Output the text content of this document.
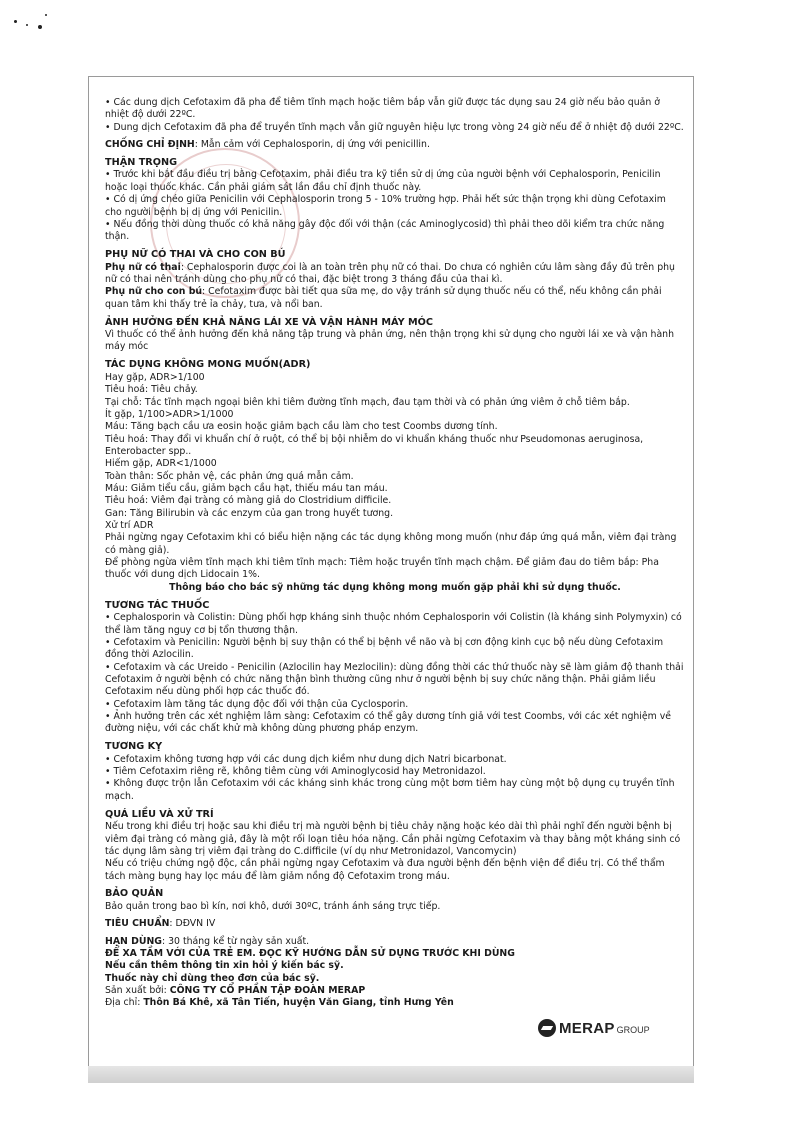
• Các dung dịch Cefotaxim đã pha để tiêm tĩnh mạch hoặc tiêm bắp vẫn giữ được tác dụng sau 24 giờ nếu bảo quản ở nhiệt độ dưới 22ºC.

• Dung dịch Cefotaxim đã pha để truyền tĩnh mạch vẫn giữ nguyên hiệu lực trong vòng 24 giờ nếu để ở nhiệt độ dưới 22ºC.

CHỐNG CHỈ ĐỊNH: Mẫn cảm với Cephalosporin, dị ứng với penicillin.

THẬN TRỌNG

• Trước khi bắt đầu điều trị bằng Cefotaxim, phải điều tra kỹ tiền sử dị ứng của người bệnh với Cephalosporin, Penicilin hoặc loại thuốc khác. Cần phải giám sát lần đầu chỉ định thuốc này.

• Có dị ứng chéo giữa Penicilin với Cephalosporin trong 5 - 10% trường hợp. Phải hết sức thận trọng khi dùng Cefotaxim cho người bệnh bị dị ứng với Penicilin.

• Nếu đồng thời dùng thuốc có khả năng gây độc đối với thận (các Aminoglycosid) thì phải theo dõi kiểm tra chức năng thận.

PHỤ NỮ CÓ THAI VÀ CHO CON BÚ

Phụ nữ có thai: Cephalosporin được coi là an toàn trên phụ nữ có thai. Do chưa có nghiên cứu lâm sàng đầy đủ trên phụ nữ có thai nên tránh dùng cho phụ nữ có thai, đặc biệt trong 3 tháng đầu của thai kì.

Phụ nữ cho con bú: Cefotaxim được bài tiết qua sữa mẹ, do vậy tránh sử dụng thuốc nếu có thể, nếu không cần phải quan tâm khi thấy trẻ ỉa chảy, tưa, và nổi ban.

ẢNH HƯỞNG ĐẾN KHẢ NĂNG LÁI XE VÀ VẬN HÀNH MÁY MÓC

Vì thuốc có thể ảnh hưởng đến khả năng tập trung và phản ứng, nên thận trọng khi sử dụng cho người lái xe và vận hành máy móc

TÁC DỤNG KHÔNG MONG MUỐN(ADR)

Hay gặp, ADR>1/100

Tiêu hoá: Tiêu chảy.

Tại chỗ: Tắc tĩnh mạch ngoại biên khi tiêm đường tĩnh mạch, đau tạm thời và có phản ứng viêm ở chỗ tiêm bắp.

Ít gặp, 1/100>ADR>1/1000

Máu: Tăng bạch cầu ưa eosin hoặc giảm bạch cầu làm cho test Coombs dương tính.

Tiêu hoá: Thay đổi vi khuẩn chí ở ruột, có thể bị bội nhiễm do vi khuẩn kháng thuốc như Pseudomonas aeruginosa, Enterobacter spp..

Hiếm gặp, ADR<1/1000

Toàn thân: Sốc phản vệ, các phản ứng quá mẫn cảm.

Máu: Giảm tiểu cầu, giảm bạch cầu hạt, thiếu máu tan máu.

Tiêu hoá: Viêm đại tràng có màng giả do Clostridium difficile.

Gan: Tăng Bilirubin và các enzym của gan trong huyết tương.

Xử trí ADR

Phải ngừng ngay Cefotaxim khi có biểu hiện nặng các tác dụng không mong muốn (như đáp ứng quá mẫn, viêm đại tràng có màng giả).

Để phòng ngừa viêm tĩnh mạch khi tiêm tĩnh mạch: Tiêm hoặc truyền tĩnh mạch chậm. Để giảm đau do tiêm bắp: Pha thuốc với dung dịch Lidocain 1%.

Thông báo cho bác sỹ những tác dụng không mong muốn gặp phải khi sử dụng thuốc.

TƯƠNG TÁC THUỐC

• Cephalosporin và Colistin: Dùng phối hợp kháng sinh thuộc nhóm Cephalosporin với Colistin (là kháng sinh Polymyxin) có thể làm tăng nguy cơ bị tổn thương thận.

• Cefotaxim và Penicilin: Người bệnh bị suy thận có thể bị bệnh về não và bị cơn động kinh cục bộ nếu dùng Cefotaxim đồng thời Azlocilin.

• Cefotaxim và các Ureido - Penicilin (Azlocilin hay Mezlocilin): dùng đồng thời các thứ thuốc này sẽ làm giảm độ thanh thải Cefotaxim ở người bệnh có chức năng thận bình thường cũng như ở người bệnh bị suy chức năng thận. Phải giảm liều Cefotaxim nếu dùng phối hợp các thuốc đó.

• Cefotaxim làm tăng tác dụng độc đối với thận của Cyclosporin.

• Ảnh hưởng trên các xét nghiệm lâm sàng: Cefotaxim có thể gây dương tính giả với test Coombs, với các xét nghiệm về đường niệu, với các chất khử mà không dùng phương pháp enzym.

TƯƠNG KỴ

• Cefotaxim không tương hợp với các dung dịch kiềm như dung dịch Natri bicarbonat.

• Tiêm Cefotaxim riêng rẽ, không tiêm cùng với Aminoglycosid hay Metronidazol.

• Không được trộn lẫn Cefotaxim với các kháng sinh khác trong cùng một bơm tiêm hay cùng một bộ dụng cụ truyền tĩnh mạch.

QUÁ LIỀU VÀ XỬ TRÍ

Nếu trong khi điều trị hoặc sau khi điều trị mà người bệnh bị tiêu chảy nặng hoặc kéo dài thì phải nghĩ đến người bệnh bị viêm đại tràng có màng giả, đây là một rối loạn tiêu hóa nặng. Cần phải ngừng Cefotaxim và thay bằng một kháng sinh có tác dụng lâm sàng trị viêm đại tràng do C.difficile (ví dụ như Metronidazol, Vancomycin)

Nếu có triệu chứng ngộ độc, cần phải ngừng ngay Cefotaxim và đưa người bệnh đến bệnh viện để điều trị. Có thể thẩm tách màng bụng hay lọc máu để làm giảm nồng độ Cefotaxim trong máu.

BẢO QUẢN

Bảo quản trong bao bì kín, nơi khô, dưới 30ºC, tránh ánh sáng trực tiếp.

TIÊU CHUẨN: DĐVN IV

HẠN DÙNG: 30 tháng kể từ ngày sản xuất.

ĐỂ XA TẦM VỚI CỦA TRẺ EM. ĐỌC KỸ HƯỚNG DẪN SỬ DỤNG TRƯỚC KHI DÙNG

Nếu cần thêm thông tin xin hỏi ý kiến bác sỹ.

Thuốc này chỉ dùng theo đơn của bác sỹ.

Sản xuất bởi: CÔNG TY CỔ PHẦN TẬP ĐOÀN MERAP

Địa chỉ: Thôn Bá Khê, xã Tân Tiến, huyện Văn Giang, tỉnh Hưng Yên

MERAP GROUP
